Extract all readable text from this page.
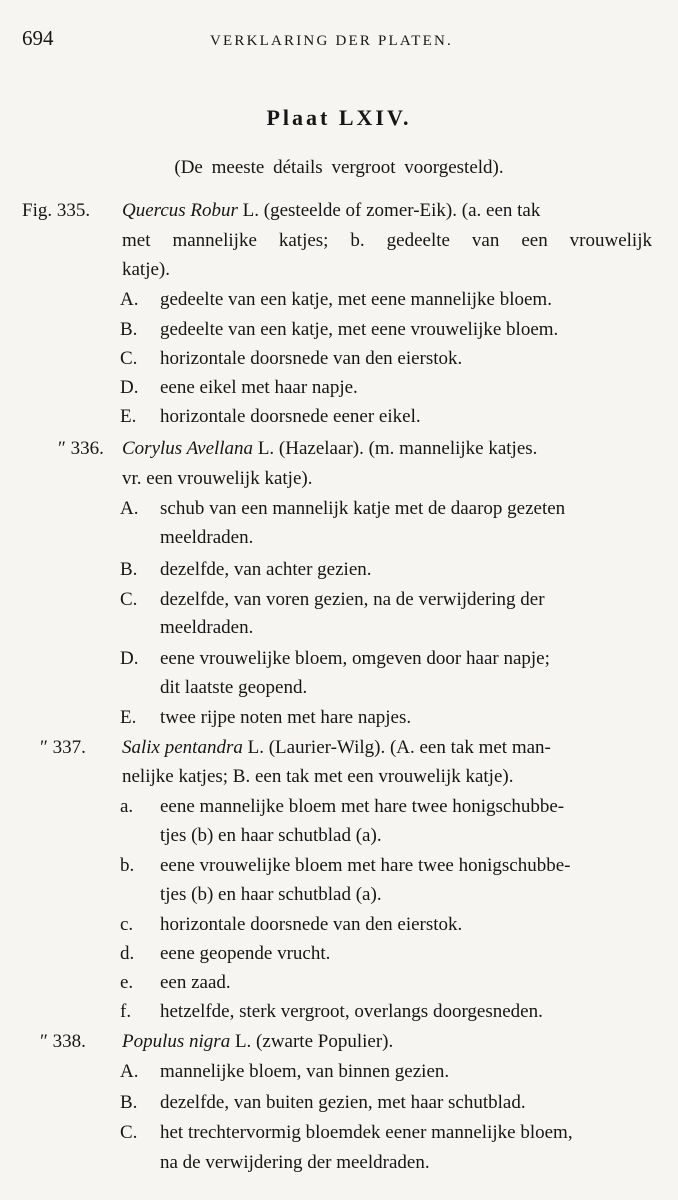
694	VERKLARING DER PLATEN.
Plaat LXIV.
(De meeste détails vergroot voorgesteld).
Fig. 335. Quercus Robur L. (gesteelde of zomer-Eik). (a. een tak
met mannelijke katjes; b. gedeelte van een vrouwelijk
katje).
A.	gedeelte van een katje, met eene mannelijke bloem.
B.	gedeelte van een katje, met eene vrouwelijke bloem.
C.	horizontale doorsnede van den eierstok.
D.	eene eikel met haar napje.
E.	horizontale doorsnede eener eikel.
″ 336. Corylus Avellana L. (Hazelaar). (m. mannelijke katjes.
vr. een vrouwelijk katje).
A.	schub van een mannelijk katje met de daarop gezeten
meeldraden.
B.	dezelfde, van achter gezien.
C.	dezelfde, van voren gezien, na de verwijdering der
meeldraden.
D.	eene vrouwelijke bloem, omgeven door haar napje;
dit laatste geopend.
E.	twee rijpe noten met hare napjes.
″ 337. Salix pentandra L. (Laurier-Wilg). (A. een tak met man-
nelijke katjes; B. een tak met een vrouwelijk katje).
a.	eene mannelijke bloem met hare twee honigschubbe-
tjes (b) en haar schutblad (a).
b.	eene vrouwelijke bloem met hare twee honigschubbe-
tjes (b) en haar schutblad (a).
c.	horizontale doorsnede van den eierstok.
d.	eene geopende vrucht.
e.	een zaad.
f.	hetzelfde, sterk vergroot, overlangs doorgesneden.
″ 338. Populus nigra L. (zwarte Populier).
A.	mannelijke bloem, van binnen gezien.
B.	dezelfde, van buiten gezien, met haar schutblad.
C.	het trechtervormig bloemdek eener mannelijke bloem,
na de verwijdering der meeldraden.
